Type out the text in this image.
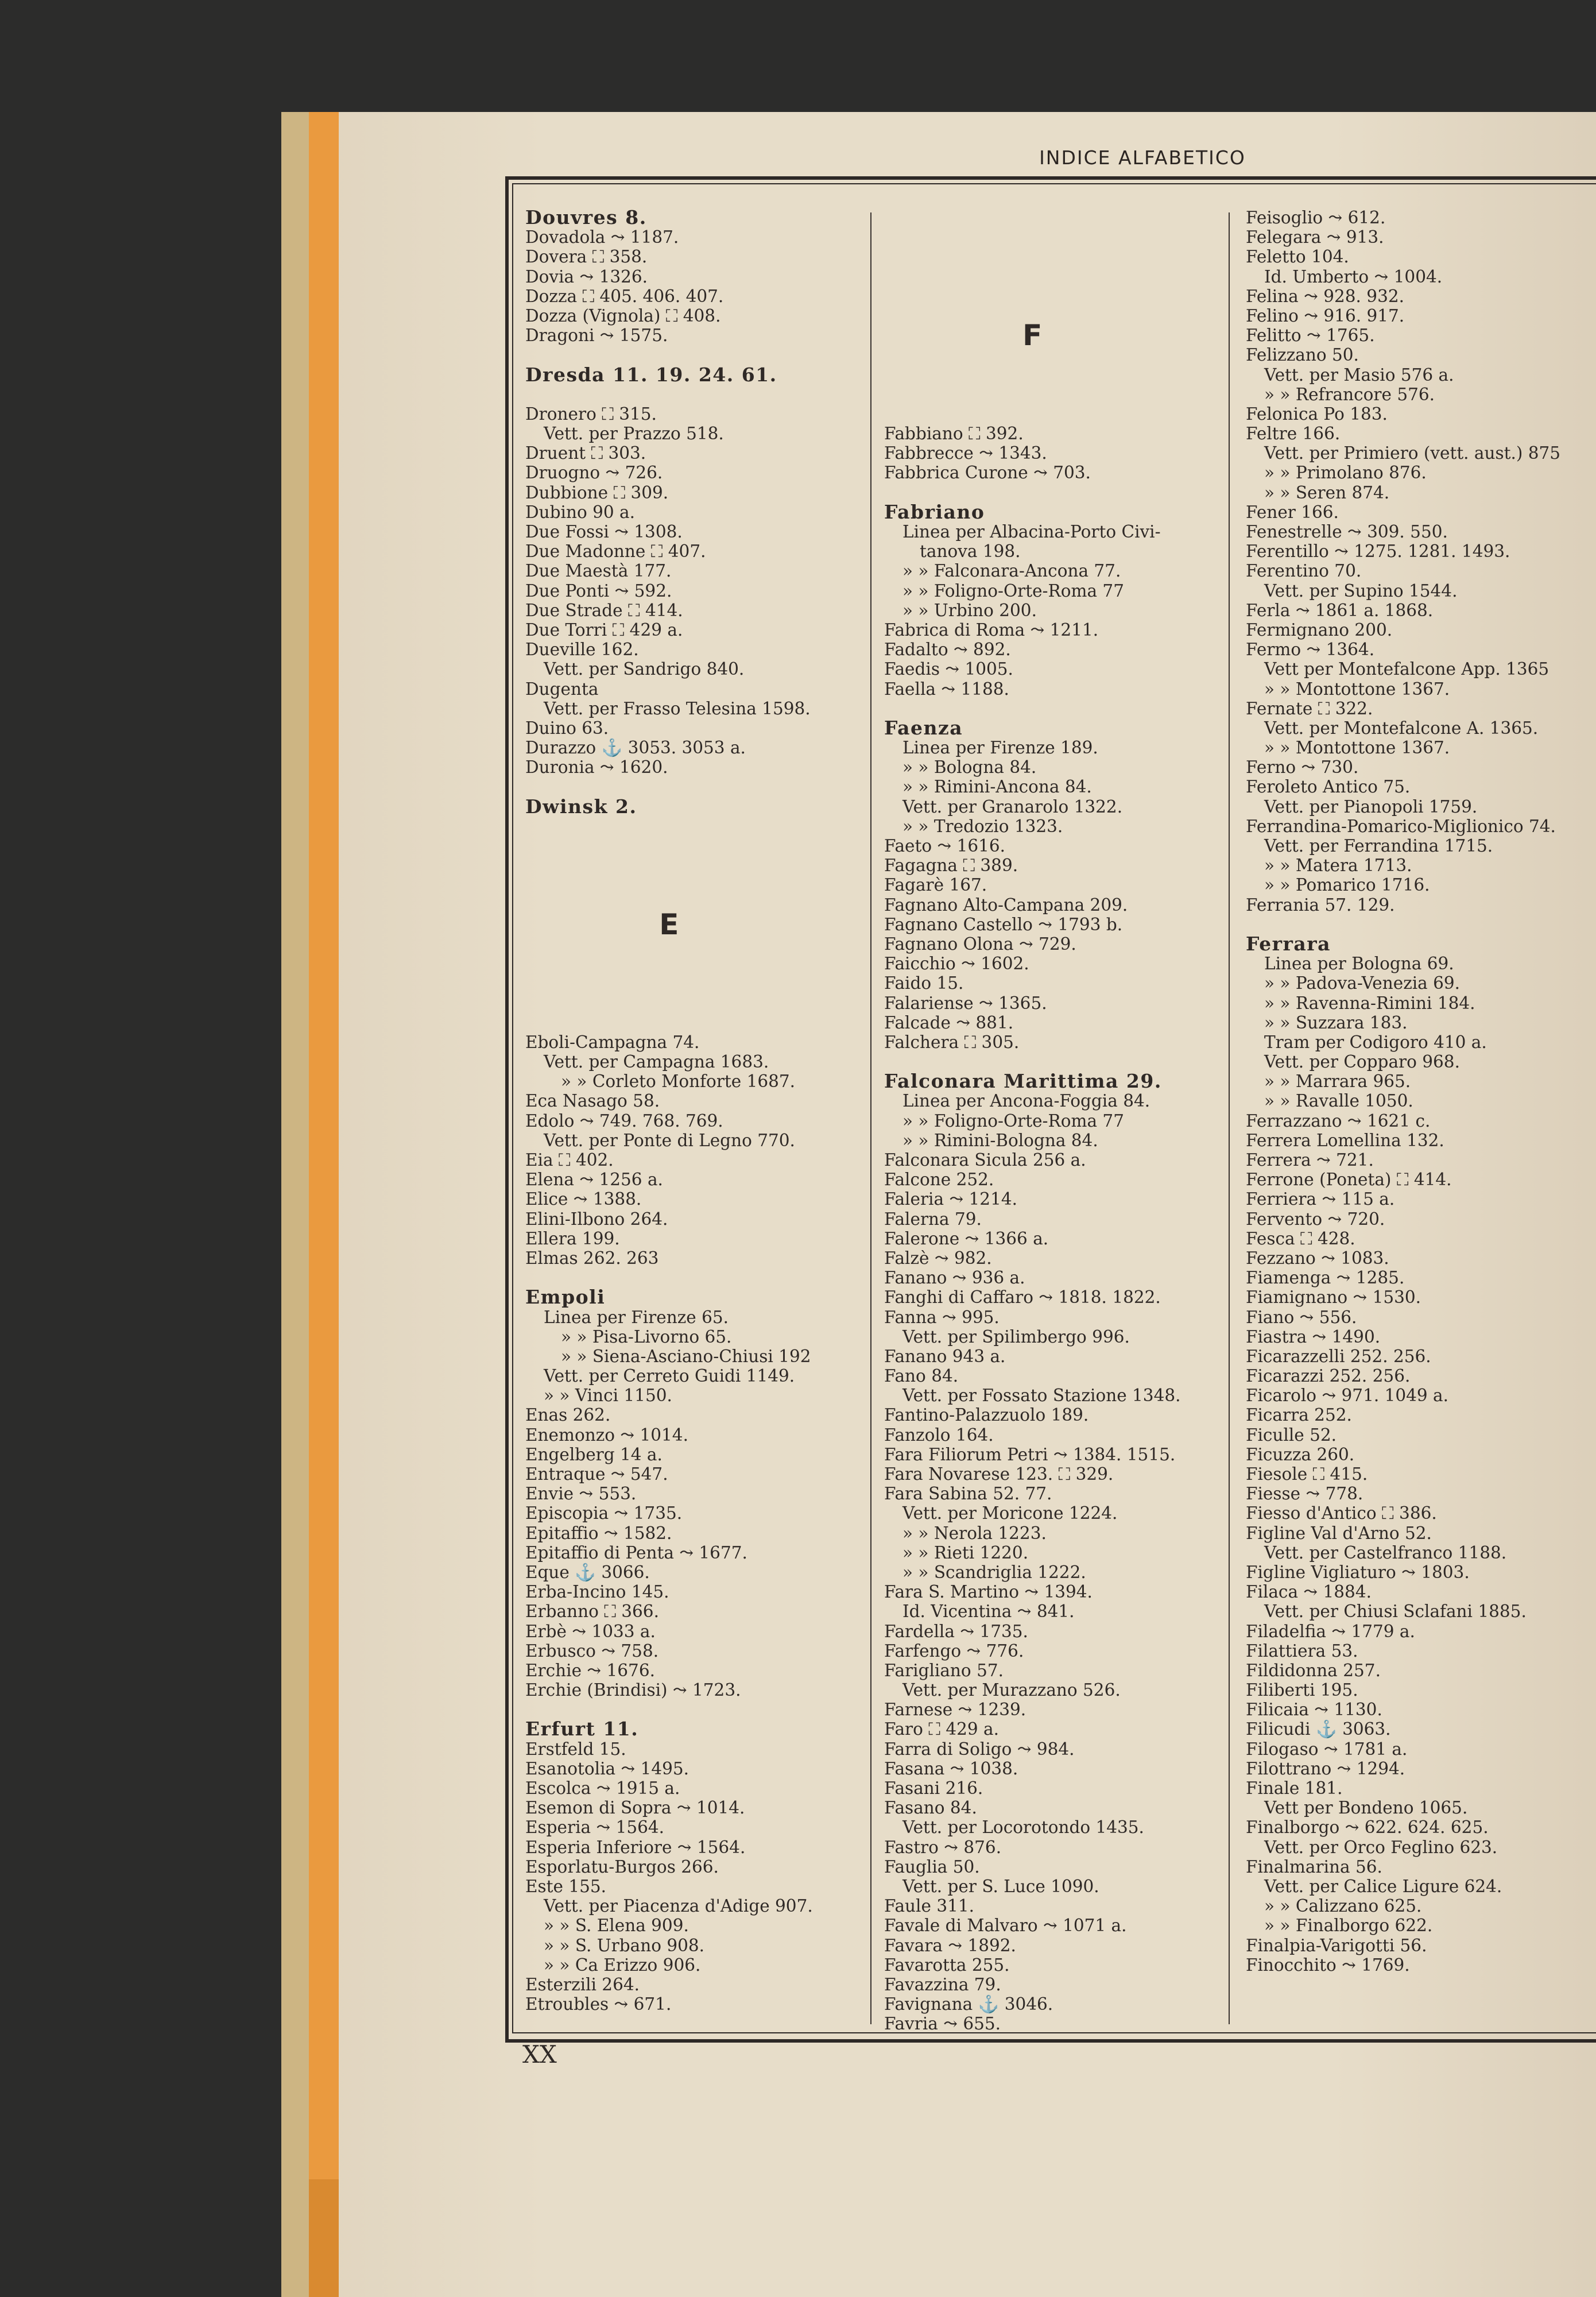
INDICE ALFABETICO
Douvres 8.
Dovadola ⤳ 1187.
Dovera ⛶ 358.
Dovia ⤳ 1326.
Dozza ⛶ 405. 406. 407.
Dozza (Vignola) ⛶ 408.
Dragoni ⤳ 1575.
Dresda 11. 19. 24. 61.
Dronero ⛶ 315.
Vett. per Prazzo 518.
Druent ⛶ 303.
Druogno ⤳ 726.
Dubbione ⛶ 309.
Dubino 90 a.
Due Fossi ⤳ 1308.
Due Madonne ⛶ 407.
Due Maestà 177.
Due Ponti ⤳ 592.
Due Strade ⛶ 414.
Due Torri ⛶ 429 a.
Dueville 162.
Vett. per Sandrigo 840.
Dugenta
Vett. per Frasso Telesina 1598.
Duino 63.
Durazzo ⚓ 3053. 3053 a.
Duronia ⤳ 1620.
Dwinsk 2.
E
Eboli-Campagna 74.
Vett. per Campagna 1683.
» » Corleto Monforte 1687.
Eca Nasago 58.
Edolo ⤳ 749. 768. 769.
Vett. per Ponte di Legno 770.
Eia ⛶ 402.
Elena ⤳ 1256 a.
Elice ⤳ 1388.
Elini-Ilbono 264.
Ellera 199.
Elmas 262. 263
Empoli
Linea per Firenze 65.
» » Pisa-Livorno 65.
» » Siena-Asciano-Chiusi 192
Vett. per Cerreto Guidi 1149.
» » Vinci 1150.
Enas 262.
Enemonzo ⤳ 1014.
Engelberg 14 a.
Entraque ⤳ 547.
Envie ⤳ 553.
Episcopia ⤳ 1735.
Epitaffio ⤳ 1582.
Epitaffio di Penta ⤳ 1677.
Eque ⚓ 3066.
Erba-Incino 145.
Erbanno ⛶ 366.
Erbè ⤳ 1033 a.
Erbusco ⤳ 758.
Erchie ⤳ 1676.
Erchie (Brindisi) ⤳ 1723.
Erfurt 11.
Erstfeld 15.
Esanotolia ⤳ 1495.
Escolca ⤳ 1915 a.
Esemon di Sopra ⤳ 1014.
Esperia ⤳ 1564.
Esperia Inferiore ⤳ 1564.
Esporlatu-Burgos 266.
Este 155.
Vett. per Piacenza d'Adige 907.
» » S. Elena 909.
» » S. Urbano 908.
» » Ca Erizzo 906.
Esterzili 264.
Etroubles ⤳ 671.
F
Fabbiano ⛶ 392.
Fabbrecce ⤳ 1343.
Fabbrica Curone ⤳ 703.
Fabriano
Linea per Albacina-Porto Civi-
tanova 198.
» » Falconara-Ancona 77.
» » Foligno-Orte-Roma 77
» » Urbino 200.
Fabrica di Roma ⤳ 1211.
Fadalto ⤳ 892.
Faedis ⤳ 1005.
Faella ⤳ 1188.
Faenza
Linea per Firenze 189.
» » Bologna 84.
» » Rimini-Ancona 84.
Vett. per Granarolo 1322.
» » Tredozio 1323.
Faeto ⤳ 1616.
Fagagna ⛶ 389.
Fagarè 167.
Fagnano Alto-Campana 209.
Fagnano Castello ⤳ 1793 b.
Fagnano Olona ⤳ 729.
Faicchio ⤳ 1602.
Faido 15.
Falariense ⤳ 1365.
Falcade ⤳ 881.
Falchera ⛶ 305.
Falconara Marittima 29.
Linea per Ancona-Foggia 84.
» » Foligno-Orte-Roma 77
» » Rimini-Bologna 84.
Falconara Sicula 256 a.
Falcone 252.
Faleria ⤳ 1214.
Falerna 79.
Falerone ⤳ 1366 a.
Falzè ⤳ 982.
Fanano ⤳ 936 a.
Fanghi di Caffaro ⤳ 1818. 1822.
Fanna ⤳ 995.
Vett. per Spilimbergo 996.
Fanano 943 a.
Fano 84.
Vett. per Fossato Stazione 1348.
Fantino-Palazzuolo 189.
Fanzolo 164.
Fara Filiorum Petri ⤳ 1384. 1515.
Fara Novarese 123. ⛶ 329.
Fara Sabina 52. 77.
Vett. per Moricone 1224.
» » Nerola 1223.
» » Rieti 1220.
» » Scandriglia 1222.
Fara S. Martino ⤳ 1394.
Id. Vicentina ⤳ 841.
Fardella ⤳ 1735.
Farfengo ⤳ 776.
Farigliano 57.
Vett. per Murazzano 526.
Farnese ⤳ 1239.
Faro ⛶ 429 a.
Farra di Soligo ⤳ 984.
Fasana ⤳ 1038.
Fasani 216.
Fasano 84.
Vett. per Locorotondo 1435.
Fastro ⤳ 876.
Fauglia 50.
Vett. per S. Luce 1090.
Faule 311.
Favale di Malvaro ⤳ 1071 a.
Favara ⤳ 1892.
Favarotta 255.
Favazzina 79.
Favignana ⚓ 3046.
Favria ⤳ 655.
Feisoglio ⤳ 612.
Felegara ⤳ 913.
Feletto 104.
Id. Umberto ⤳ 1004.
Felina ⤳ 928. 932.
Felino ⤳ 916. 917.
Felitto ⤳ 1765.
Felizzano 50.
Vett. per Masio 576 a.
» » Refrancore 576.
Felonica Po 183.
Feltre 166.
Vett. per Primiero (vett. aust.) 875
» » Primolano 876.
» » Seren 874.
Fener 166.
Fenestrelle ⤳ 309. 550.
Ferentillo ⤳ 1275. 1281. 1493.
Ferentino 70.
Vett. per Supino 1544.
Ferla ⤳ 1861 a. 1868.
Fermignano 200.
Fermo ⤳ 1364.
Vett per Montefalcone App. 1365
» » Montottone 1367.
Fernate ⛶ 322.
Vett. per Montefalcone A. 1365.
» » Montottone 1367.
Ferno ⤳ 730.
Feroleto Antico 75.
Vett. per Pianopoli 1759.
Ferrandina-Pomarico-Miglionico 74.
Vett. per Ferrandina 1715.
» » Matera 1713.
» » Pomarico 1716.
Ferrania 57. 129.
Ferrara
Linea per Bologna 69.
» » Padova-Venezia 69.
» » Ravenna-Rimini 184.
» » Suzzara 183.
Tram per Codigoro 410 a.
Vett. per Copparo 968.
» » Marrara 965.
» » Ravalle 1050.
Ferrazzano ⤳ 1621 c.
Ferrera Lomellina 132.
Ferrera ⤳ 721.
Ferrone (Poneta) ⛶ 414.
Ferriera ⤳ 115 a.
Fervento ⤳ 720.
Fesca ⛶ 428.
Fezzano ⤳ 1083.
Fiamenga ⤳ 1285.
Fiamignano ⤳ 1530.
Fiano ⤳ 556.
Fiastra ⤳ 1490.
Ficarazzelli 252. 256.
Ficarazzi 252. 256.
Ficarolo ⤳ 971. 1049 a.
Ficarra 252.
Ficulle 52.
Ficuzza 260.
Fiesole ⛶ 415.
Fiesse ⤳ 778.
Fiesso d'Antico ⛶ 386.
Figline Val d'Arno 52.
Vett. per Castelfranco 1188.
Figline Vigliaturo ⤳ 1803.
Filaca ⤳ 1884.
Vett. per Chiusi Sclafani 1885.
Filadelfia ⤳ 1779 a.
Filattiera 53.
Fildidonna 257.
Filiberti 195.
Filicaia ⤳ 1130.
Filicudi ⚓ 3063.
Filogaso ⤳ 1781 a.
Filottrano ⤳ 1294.
Finale 181.
Vett per Bondeno 1065.
Finalborgo ⤳ 622. 624. 625.
Vett. per Orco Feglino 623.
Finalmarina 56.
Vett. per Calice Ligure 624.
» » Calizzano 625.
» » Finalborgo 622.
Finalpia-Varigotti 56.
Finocchito ⤳ 1769.
XX
